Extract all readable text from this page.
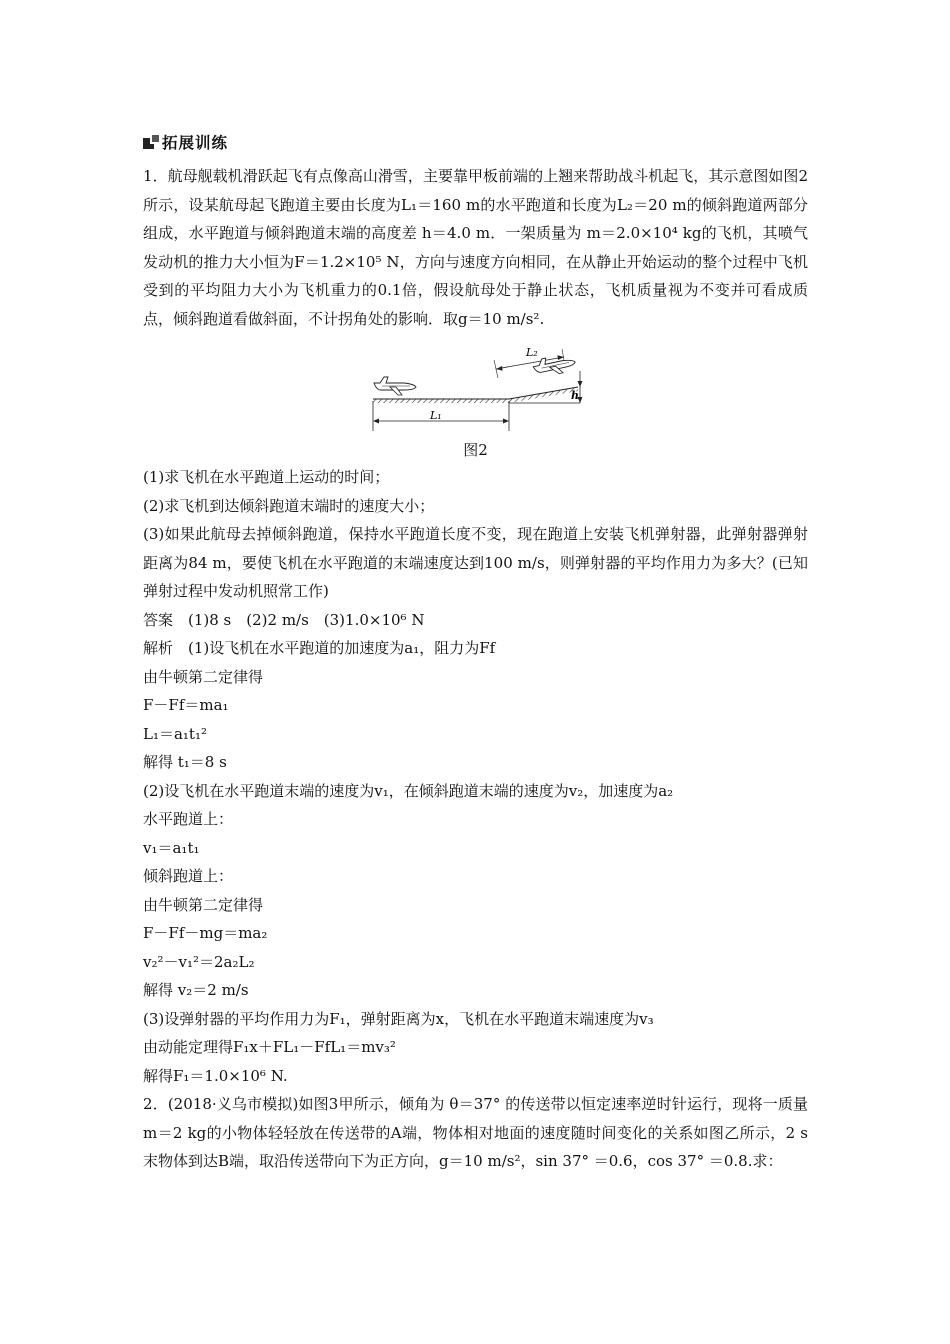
拓展训练
1．航母舰载机滑跃起飞有点像高山滑雪，主要靠甲板前端的上翘来帮助战斗机起飞，其示意图如图2所示，设某航母起飞跑道主要由长度为L₁＝160 m的水平跑道和长度为L₂＝20 m的倾斜跑道两部分组成，水平跑道与倾斜跑道末端的高度差 h＝4.0 m．一架质量为 m＝2.0×10⁴ kg的飞机，其喷气发动机的推力大小恒为F＝1.2×10⁵ N，方向与速度方向相同，在从静止开始运动的整个过程中飞机受到的平均阻力大小为飞机重力的0.1倍，假设航母处于静止状态，飞机质量视为不变并可看成质点，倾斜跑道看做斜面，不计拐角处的影响．取g＝10 m/s².
L₁
L₂
h
图2
(1)求飞机在水平跑道上运动的时间；
(2)求飞机到达倾斜跑道末端时的速度大小；
(3)如果此航母去掉倾斜跑道，保持水平跑道长度不变，现在跑道上安装飞机弹射器，此弹射器弹射距离为84 m，要使飞机在水平跑道的末端速度达到100 m/s，则弹射器的平均作用力为多大？(已知弹射过程中发动机照常工作)
答案　(1)8 s　(2)2 m/s　(3)1.0×10⁶ N
解析　(1)设飞机在水平跑道的加速度为a₁，阻力为Ff
由牛顿第二定律得
F－Ff＝ma₁
L₁＝a₁t₁²
解得 t₁＝8 s
(2)设飞机在水平跑道末端的速度为v₁，在倾斜跑道末端的速度为v₂，加速度为a₂
水平跑道上：
v₁＝a₁t₁
倾斜跑道上：
由牛顿第二定律得
F－Ff－mg＝ma₂
v₂²－v₁²＝2a₂L₂
解得 v₂＝2 m/s
(3)设弹射器的平均作用力为F₁，弹射距离为x，飞机在水平跑道末端速度为v₃
由动能定理得F₁x＋FL₁－FfL₁＝mv₃²
解得F₁＝1.0×10⁶ N.
2．(2018·义乌市模拟)如图3甲所示，倾角为 θ＝37° 的传送带以恒定速率逆时针运行，现将一质量m＝2 kg的小物体轻轻放在传送带的A端，物体相对地面的速度随时间变化的关系如图乙所示，2 s末物体到达B端，取沿传送带向下为正方向，g＝10 m/s²，sin 37° ＝0.6，cos 37° ＝0.8.求：
